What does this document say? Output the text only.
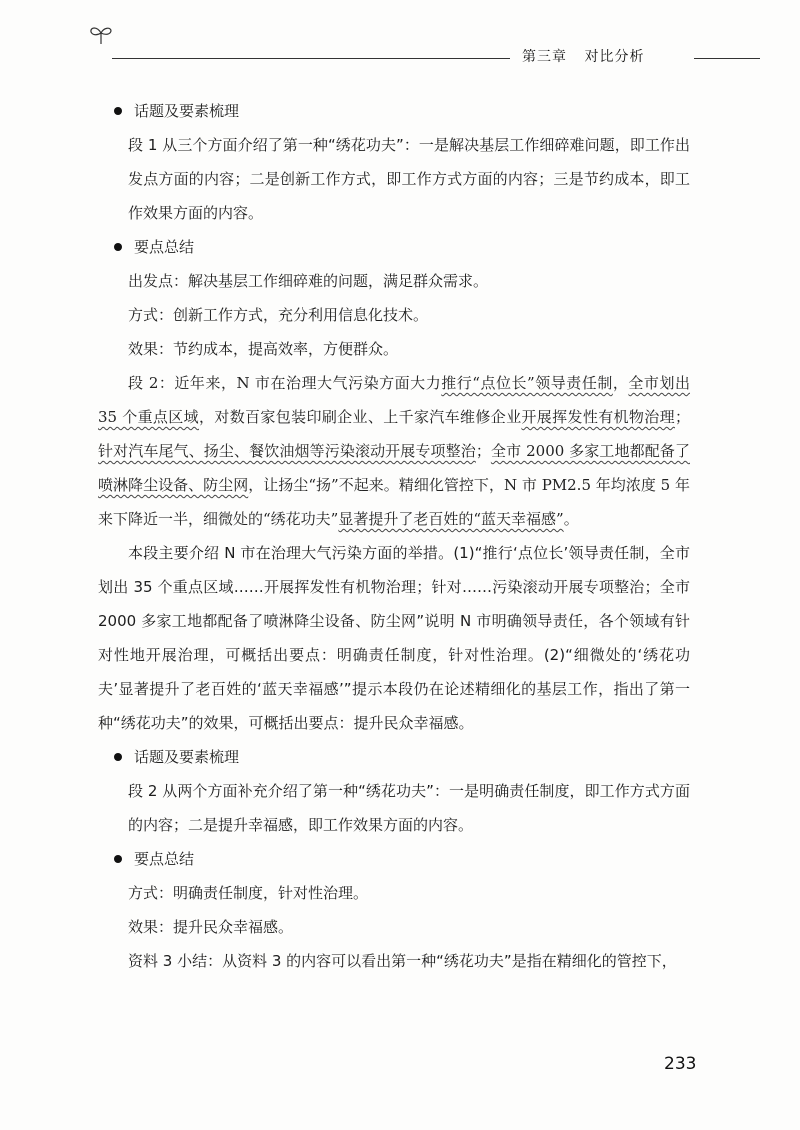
第三章 对比分析

话题及要素梳理

段 1 从三个方面介绍了第一种“绣花功夫”：一是解决基层工作细碎难问题，即工作出发点方面的内容；二是创新工作方式，即工作方式方面的内容；三是节约成本，即工作效果方面的内容。

要点总结

出发点：解决基层工作细碎难的问题，满足群众需求。

方式：创新工作方式，充分利用信息化技术。

效果：节约成本，提高效率，方便群众。

段 2：近年来，N 市在治理大气污染方面大力推行“点位长”领导责任制，全市划出 35 个重点区域，对数百家包装印刷企业、上千家汽车维修企业开展挥发性有机物治理；针对汽车尾气、扬尘、餐饮油烟等污染滚动开展专项整治；全市 2000 多家工地都配备了喷淋降尘设备、防尘网，让扬尘“扬”不起来。精细化管控下，N 市 PM2.5 年均浓度 5 年来下降近一半，细微处的“绣花功夫”显著提升了老百姓的“蓝天幸福感”。

本段主要介绍 N 市在治理大气污染方面的举措。(1)“推行‘点位长’领导责任制，全市划出 35 个重点区域……开展挥发性有机物治理；针对……污染滚动开展专项整治；全市 2000 多家工地都配备了喷淋降尘设备、防尘网”说明 N 市明确领导责任，各个领域有针对性地开展治理，可概括出要点：明确责任制度，针对性治理。(2)“细微处的‘绣花功夫’显著提升了老百姓的‘蓝天幸福感’”提示本段仍在论述精细化的基层工作，指出了第一种“绣花功夫”的效果，可概括出要点：提升民众幸福感。

话题及要素梳理

段 2 从两个方面补充介绍了第一种“绣花功夫”：一是明确责任制度，即工作方式方面的内容；二是提升幸福感，即工作效果方面的内容。

要点总结

方式：明确责任制度，针对性治理。

效果：提升民众幸福感。

资料 3 小结：从资料 3 的内容可以看出第一种“绣花功夫”是指在精细化的管控下，

233
